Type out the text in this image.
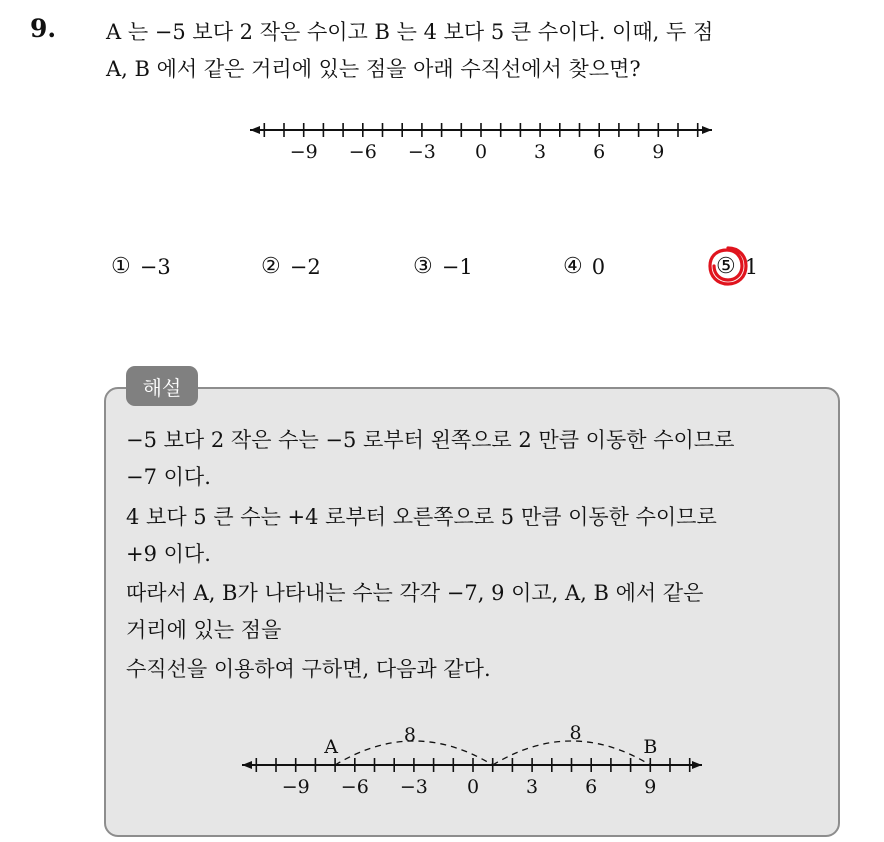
9. A 는 −5 보다 2 작은 수이고 B 는 4 보다 5 큰 수이다. 이때, 두 점
A, B 에서 같은 거리에 있는 점을 아래 수직선에서 찾으면?
−9 −6 −3 0 3 6 9
① −3	② −2	③ −1	④ 0	⑤ 1
해설
−5 보다 2 작은 수는 −5 로부터 왼쪽으로 2 만큼 이동한 수이므로
−7 이다.
4 보다 5 큰 수는 +4 로부터 오른쪽으로 5 만큼 이동한 수이므로
+9 이다.
따라서 A, B가 나타내는 수는 각각 −7, 9 이고, A, B 에서 같은
거리에 있는 점을
수직선을 이용하여 구하면, 다음과 같다.
−9 −6 −3 0 3 6 9
A	B
8	8
